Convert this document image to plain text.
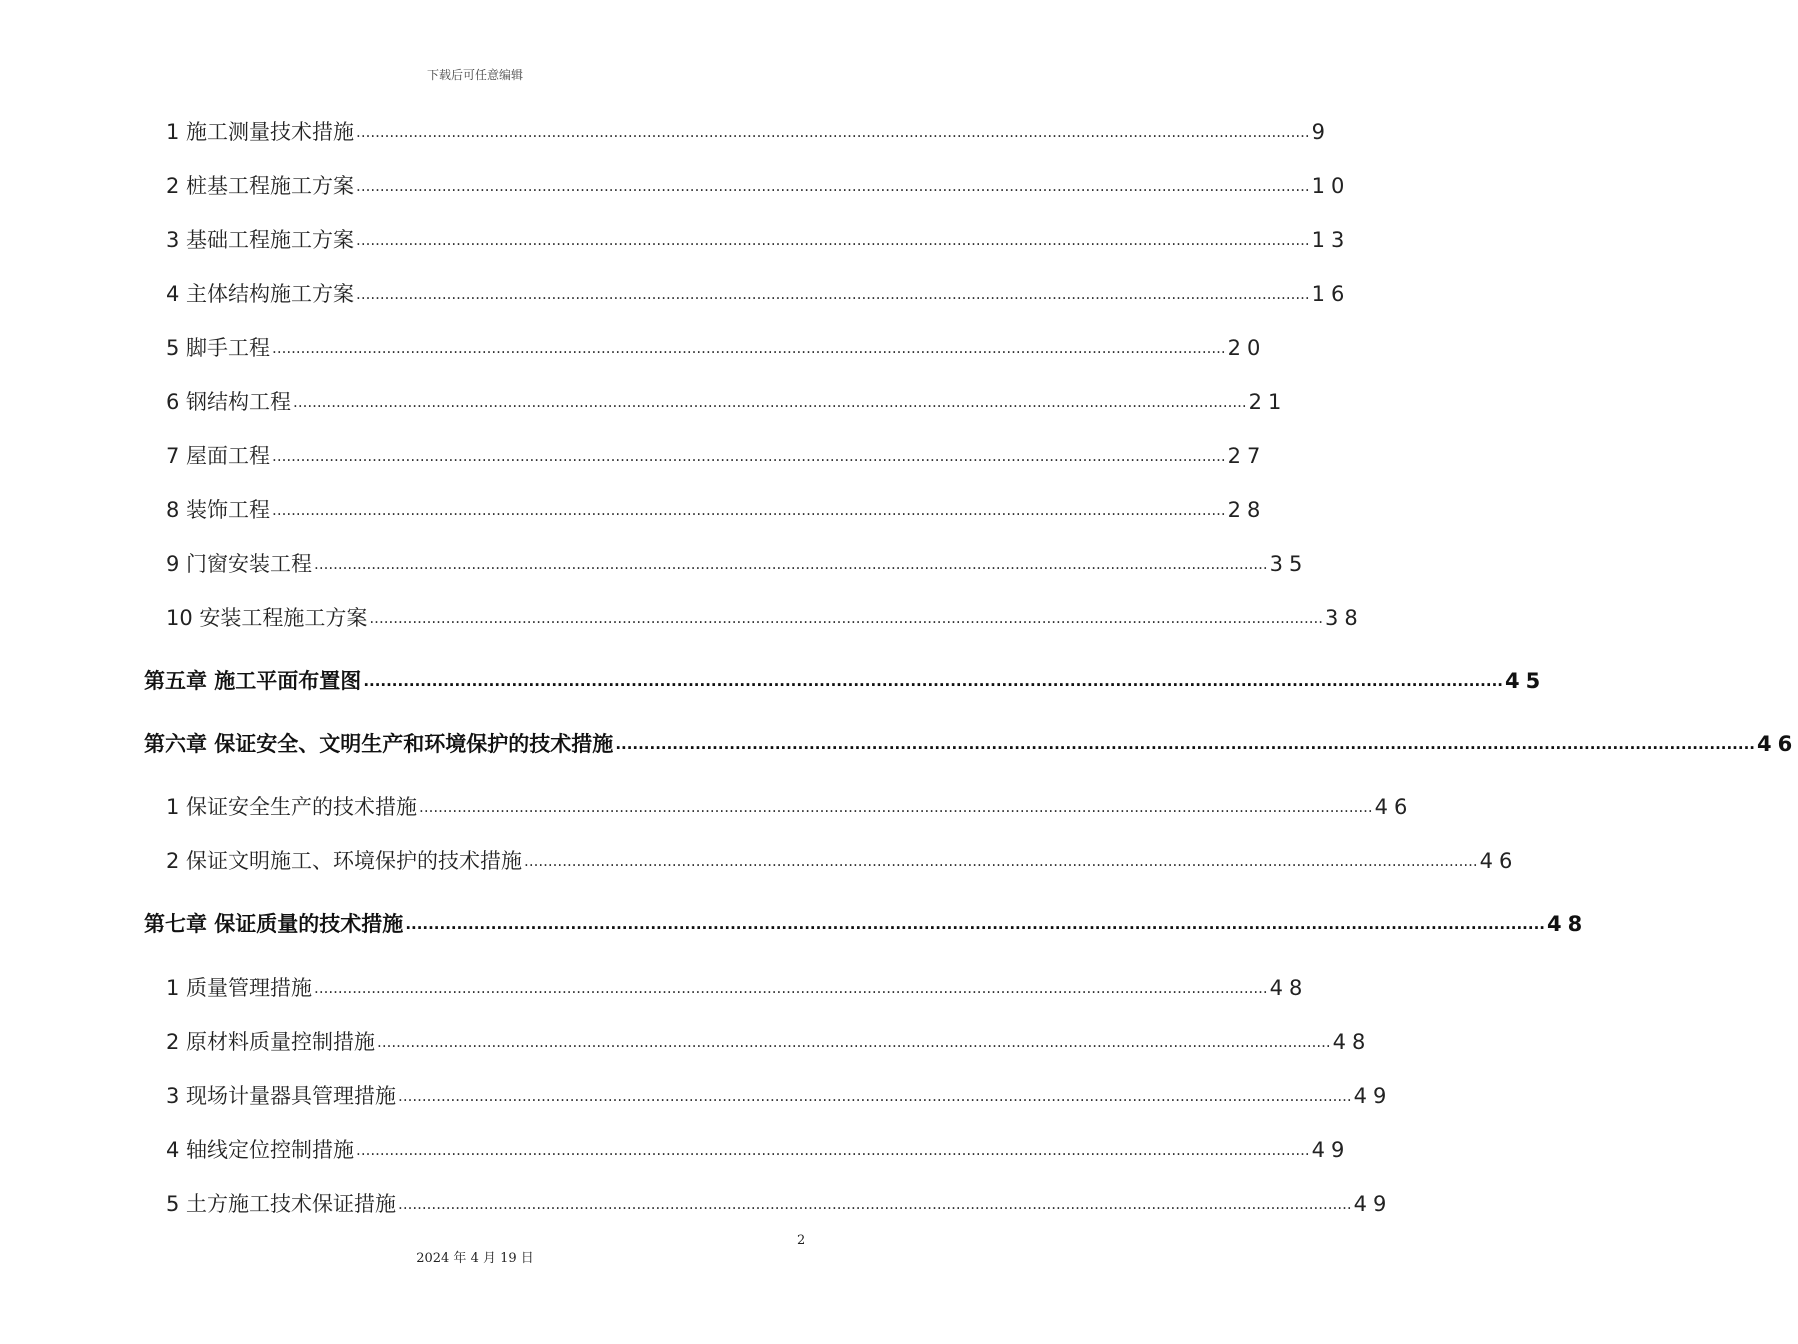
下载后可任意编辑
1 施工测量技术措施 ........................................................................................................................................................................................................ 9
2 桩基工程施工方案 ........................................................................................................................................................................................................ 10
3 基础工程施工方案 ........................................................................................................................................................................................................ 13
4 主体结构施工方案 ........................................................................................................................................................................................................ 16
5 脚手工程 ........................................................................................................................................................................................................ 20
6 钢结构工程 ........................................................................................................................................................................................................ 21
7 屋面工程 ........................................................................................................................................................................................................ 27
8 装饰工程 ........................................................................................................................................................................................................ 28
9 门窗安装工程 ........................................................................................................................................................................................................ 35
10 安装工程施工方案 ........................................................................................................................................................................................................ 38
第五章 施工平面布置图 ........................................................................................................................................................................................................ 45
第六章 保证安全、文明生产和环境保护的技术措施 ........................................................................................................................................................................................................ 46
1 保证安全生产的技术措施 ........................................................................................................................................................................................................ 46
2 保证文明施工、环境保护的技术措施 ........................................................................................................................................................................................................ 46
第七章 保证质量的技术措施 ........................................................................................................................................................................................................ 48
1 质量管理措施 ........................................................................................................................................................................................................ 48
2 原材料质量控制措施 ........................................................................................................................................................................................................ 48
3 现场计量器具管理措施 ........................................................................................................................................................................................................ 49
4 轴线定位控制措施 ........................................................................................................................................................................................................ 49
5 土方施工技术保证措施 ........................................................................................................................................................................................................ 49
2
2024 年 4 月 19 日
